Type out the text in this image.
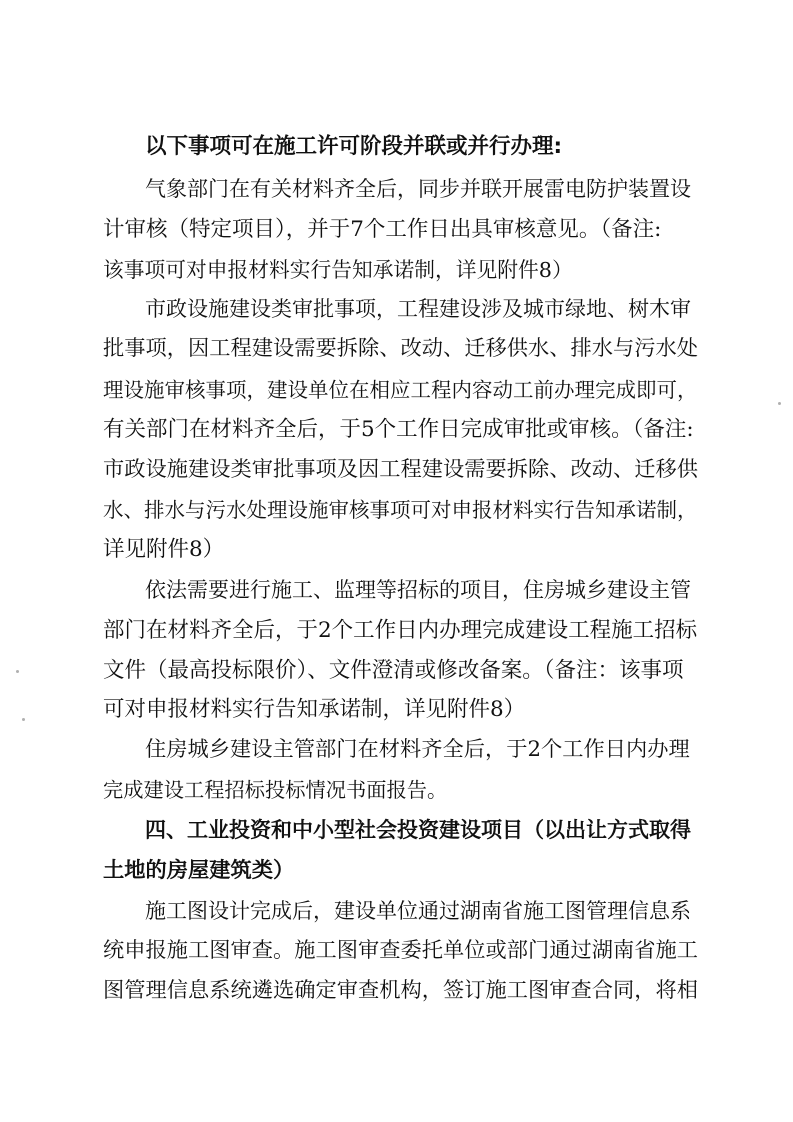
以下事项可在施工许可阶段并联或并行办理:
气象部门在有关材料齐全后，同步并联开展雷电防护装置设
计审核（特定项目），并于7个工作日出具审核意见。（备注:
该事项可对申报材料实行告知承诺制，详见附件8）
市政设施建设类审批事项，工程建设涉及城市绿地、树木审
批事项，因工程建设需要拆除、改动、迁移供水、排水与污水处
理设施审核事项，建设单位在相应工程内容动工前办理完成即可，
有关部门在材料齐全后，于5个工作日完成审批或审核。（备注:
市政设施建设类审批事项及因工程建设需要拆除、改动、迁移供
水、排水与污水处理设施审核事项可对申报材料实行告知承诺制，
详见附件8）
依法需要进行施工、监理等招标的项目，住房城乡建设主管
部门在材料齐全后，于2个工作日内办理完成建设工程施工招标
文件（最高投标限价）、文件澄清或修改备案。（备注：该事项
可对申报材料实行告知承诺制，详见附件8）
住房城乡建设主管部门在材料齐全后，于2个工作日内办理
完成建设工程招标投标情况书面报告。
四、工业投资和中小型社会投资建设项目（以出让方式取得
土地的房屋建筑类）
施工图设计完成后，建设单位通过湖南省施工图管理信息系
统申报施工图审查。施工图审查委托单位或部门通过湖南省施工
图管理信息系统遴选确定审查机构，签订施工图审查合同，将相
